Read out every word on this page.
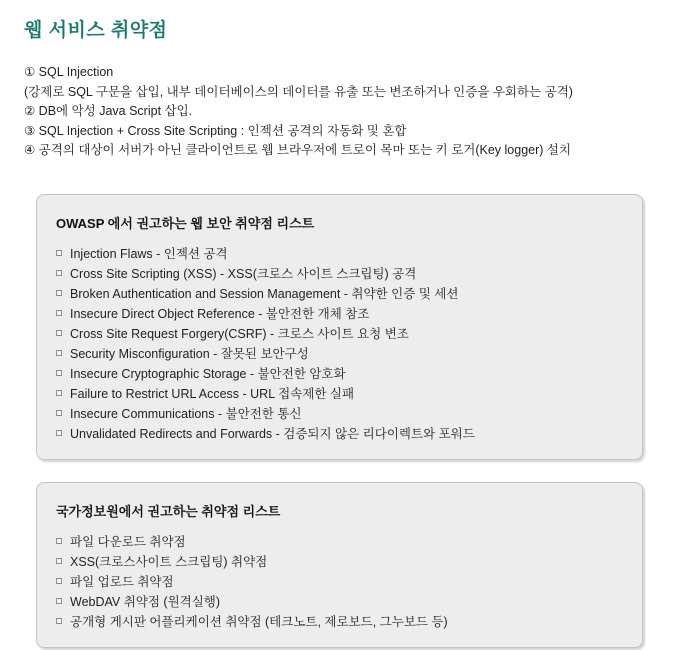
웹 서비스 취약점
① SQL Injection
(강제로 SQL 구문을 삽입, 내부 데이터베이스의 데이터를 유출 또는 변조하거나 인증을 우회하는 공격)
② DB에 악성 Java Script 삽입.
③ SQL Injection + Cross Site Scripting : 인젝션 공격의 자동화 및 혼합
④ 공격의 대상이 서버가 아닌 클라이언트로 웹 브라우저에 트로이 목마 또는 키 로거(Key logger) 설치
OWASP 에서 권고하는 웹 보안 취약점 리스트
Injection Flaws - 인젝션 공격
Cross Site Scripting (XSS) - XSS(크로스 사이트 스크립팅) 공격
Broken Authentication and Session Management - 취약한 인증 및 세션
Insecure Direct Object Reference - 불안전한 개체 참조
Cross Site Request Forgery(CSRF) - 크로스 사이트 요청 변조
Security Misconfiguration - 잘못된 보안구성
Insecure Cryptographic Storage - 불안전한 암호화
Failure to Restrict URL Access - URL 접속제한 실패
Insecure Communications - 불안전한 통신
Unvalidated Redirects and Forwards - 검증되지 않은 리다이렉트와 포워드
국가정보원에서 권고하는 취약점 리스트
파일 다운로드 취약점
XSS(크로스사이트 스크립팅) 취약점
파일 업로드 취약점
WebDAV 취약점 (원격실행)
공개형 게시판 어플리케이션 취약점 (테크노트, 제로보드, 그누보드 등)
